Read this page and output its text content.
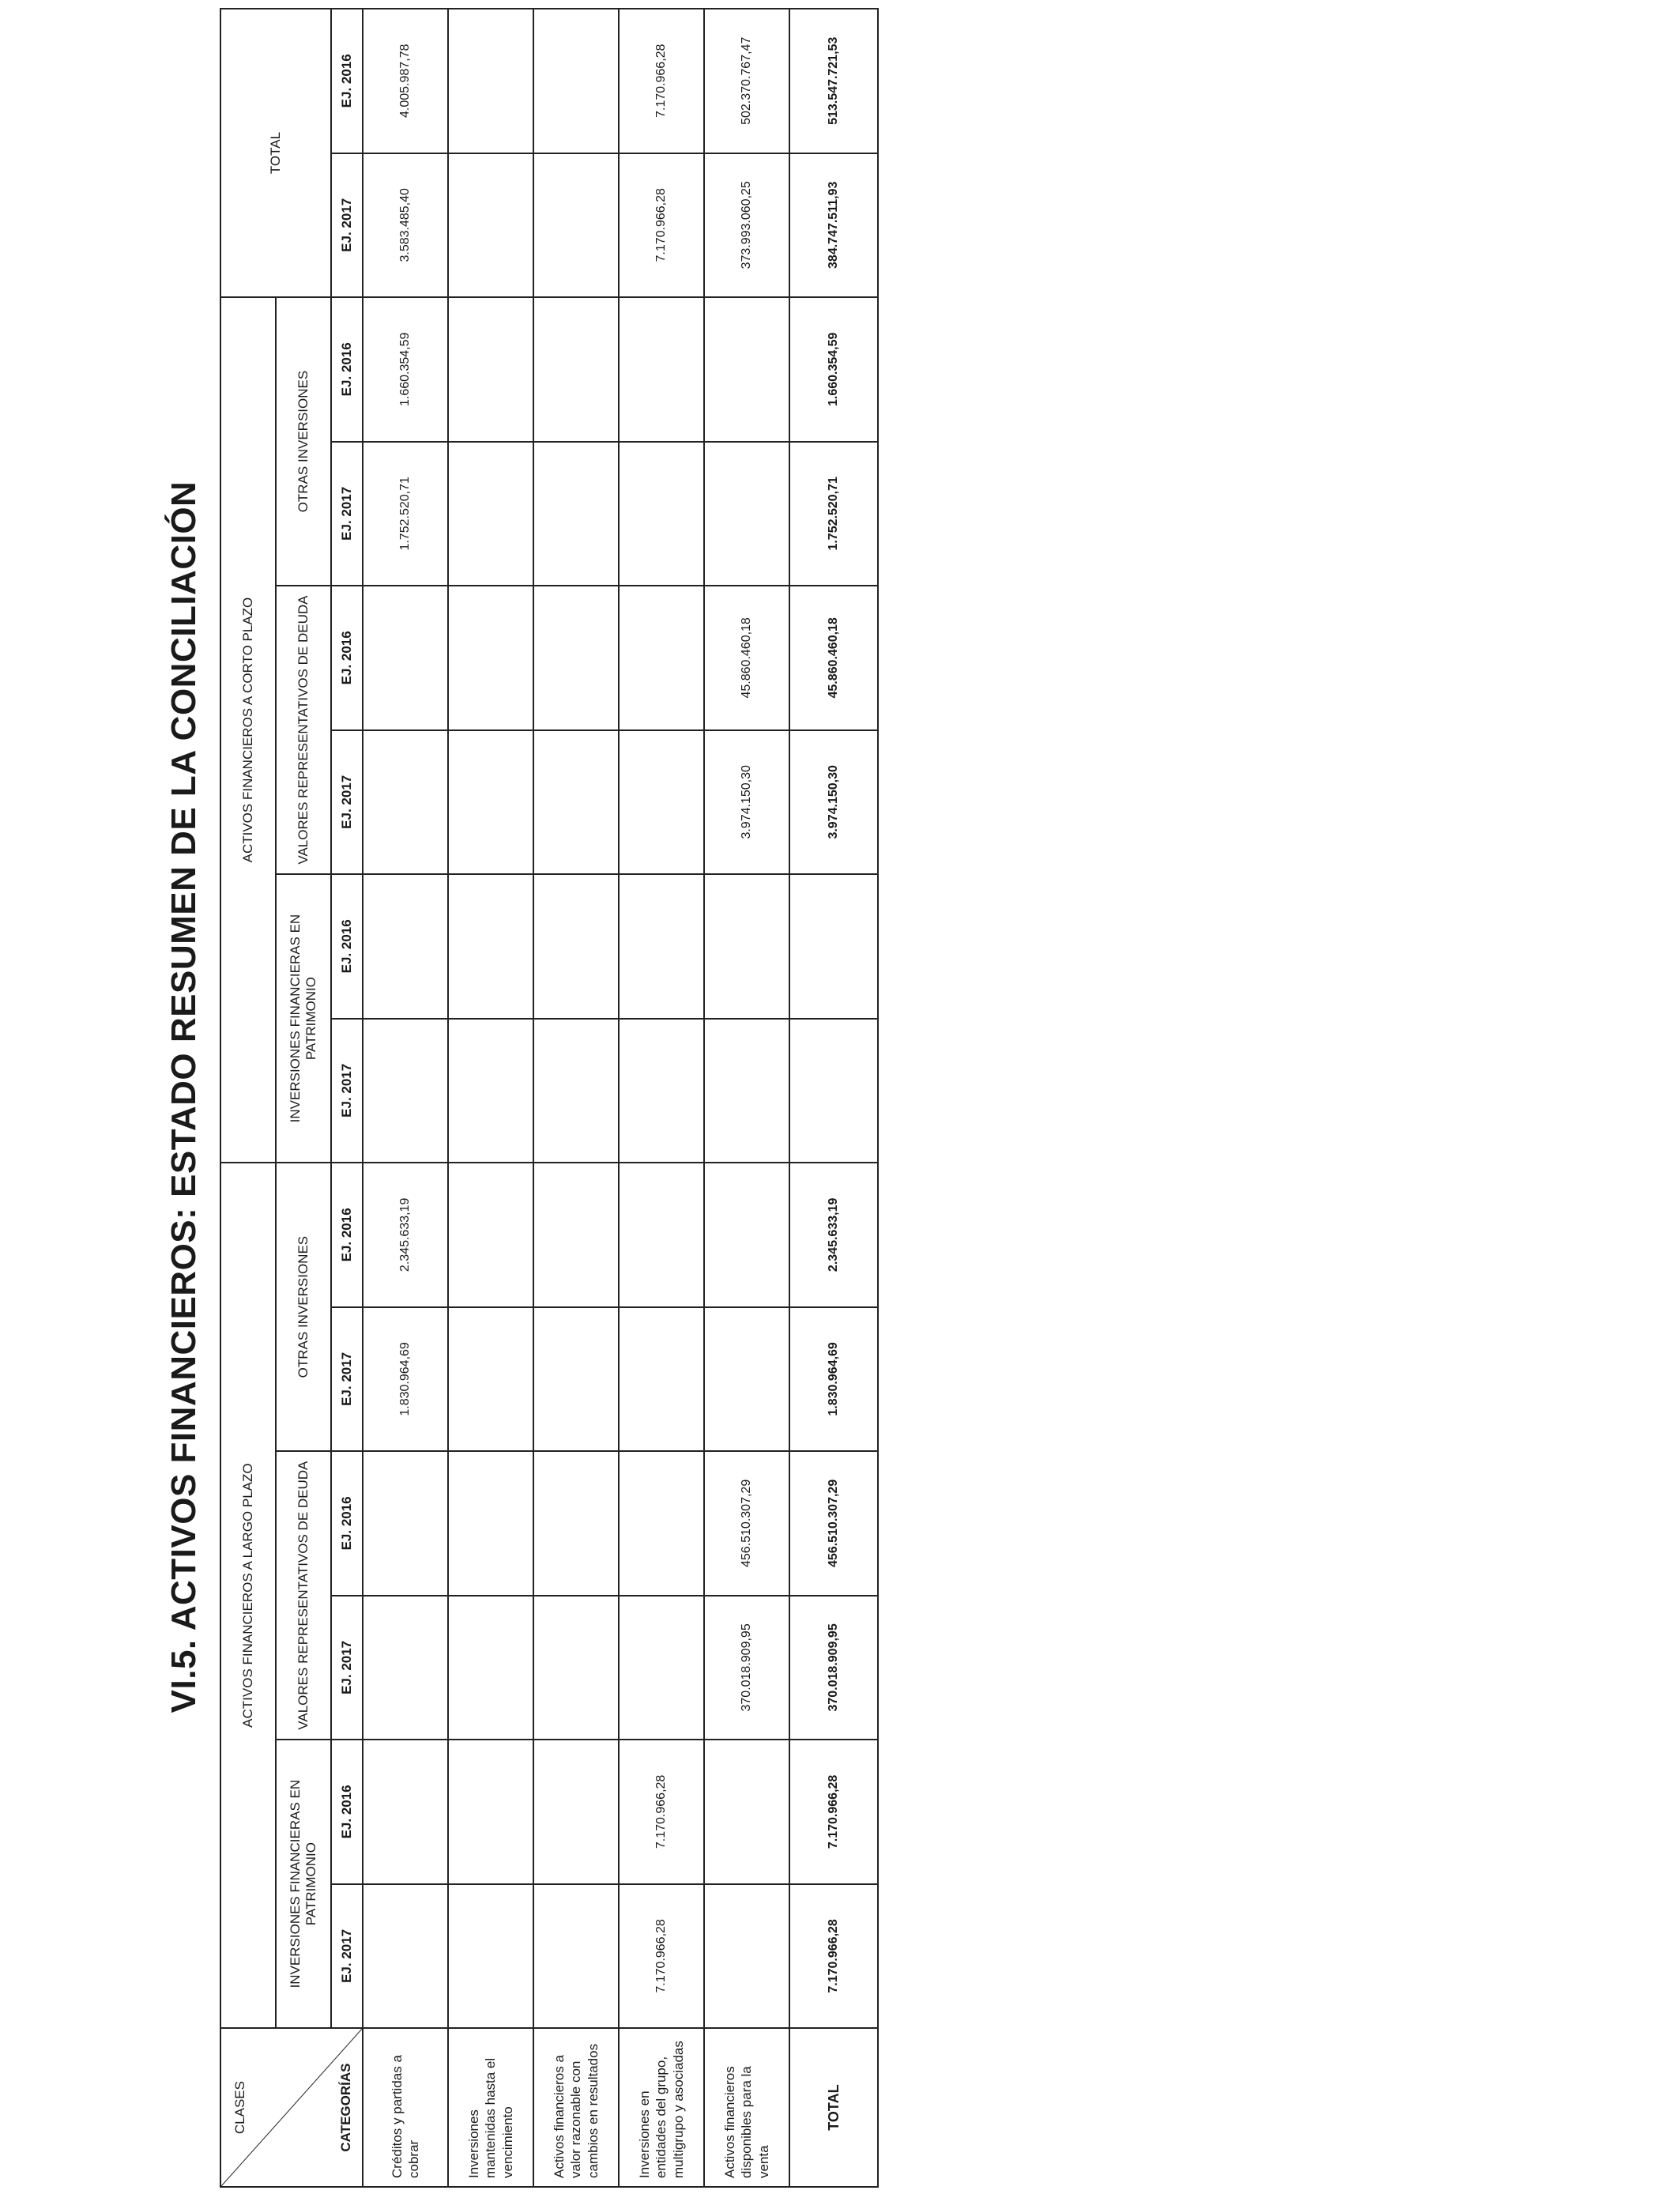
VI.5. ACTIVOS FINANCIEROS: ESTADO RESUMEN DE LA CONCILIACIÓN
CLASES CATEGORÍAS	ACTIVOS FINANCIEROS A LARGO PLAZO						ACTIVOS FINANCIEROS A CORTO PLAZO						TOTAL	
	INVERSIONES FINANCIERAS EN PATRIMONIO		VALORES REPRESENTATIVOS DE DEUDA		OTRAS INVERSIONES		INVERSIONES FINANCIERAS EN PATRIMONIO		VALORES REPRESENTATIVOS DE DEUDA		OTRAS INVERSIONES			
	EJ. 2017	EJ. 2016	EJ. 2017	EJ. 2016	EJ. 2017	EJ. 2016	EJ. 2017	EJ. 2016	EJ. 2017	EJ. 2016	EJ. 2017	EJ. 2016	EJ. 2017	EJ. 2016
Créditos y partidas a cobrar					1.830.964,69	2.345.633,19					1.752.520,71	1.660.354,59	3.583.485,40	4.005.987,78
Inversiones mantenidas hasta el vencimiento														
Activos financieros a valor razonable con cambios en resultados														
Inversiones en entidades del grupo, multigrupo y asociadas	7.170.966,28	7.170.966,28											7.170.966,28	7.170.966,28
Activos financieros disponibles para la venta			370.018.909,95	456.510.307,29					3.974.150,30	45.860.460,18			373.993.060,25	502.370.767,47
TOTAL	7.170.966,28	7.170.966,28	370.018.909,95	456.510.307,29	1.830.964,69	2.345.633,19			3.974.150,30	45.860.460,18	1.752.520,71	1.660.354,59	384.747.511,93	513.547.721,53
